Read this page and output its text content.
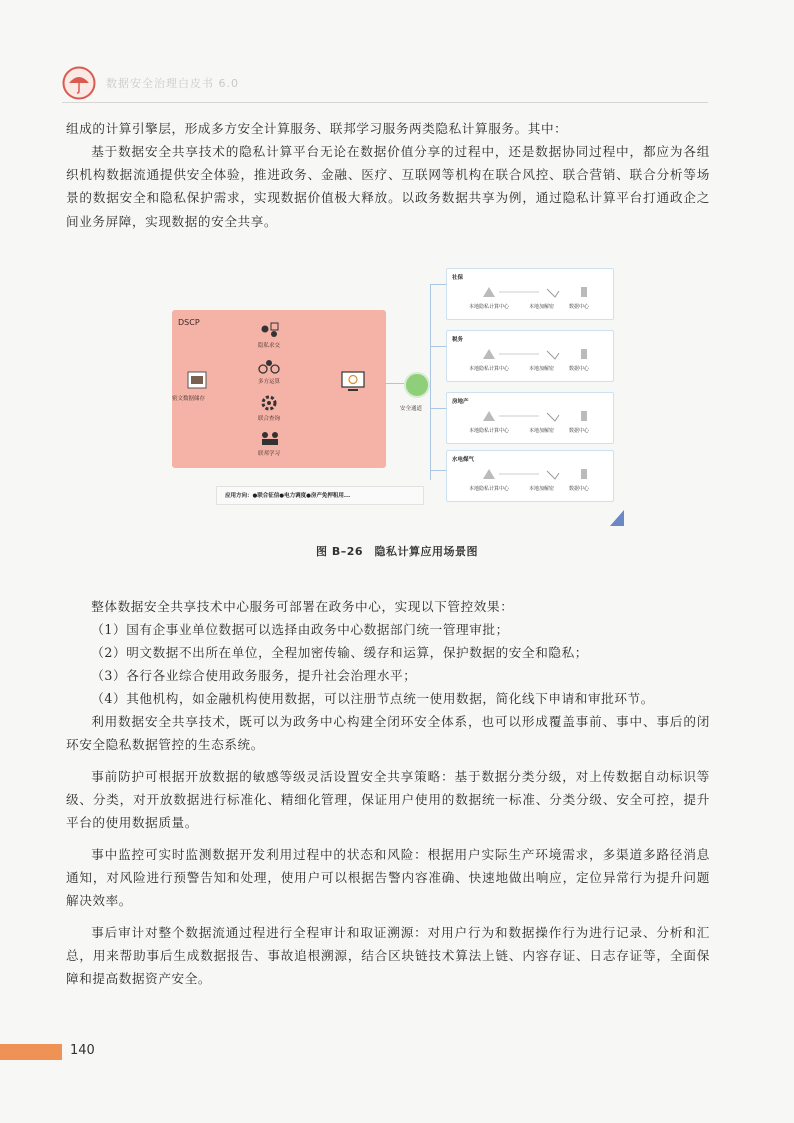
数据安全治理白皮书 6.0

组成的计算引擎层，形成多方安全计算服务、联邦学习服务两类隐私计算服务。其中：

基于数据安全共享技术的隐私计算平台无论在数据价值分享的过程中，还是数据协同过程中，都应为各组织机构数据流通提供安全体验，推进政务、金融、医疗、互联网等机构在联合风控、联合营销、联合分析等场景的数据安全和隐私保护需求，实现数据价值极大释放。以政务数据共享为例，通过隐私计算平台打通政企之间业务屏障，实现数据的安全共享。

DSCP
密文数据储存
隐私求交
多方运算
联合查询
联邦学习
安全通道
社保
本地隐私计算中心	本地加解密	数据中心
税务
本地隐私计算中心	本地加解密	数据中心
房地产
本地隐私计算中心	本地加解密	数据中心
水电煤气
本地隐私计算中心	本地加解密	数据中心
应用方向：●联合征信●电力调度●房产免押租用...
图 B–26　隐私计算应用场景图

整体数据安全共享技术中心服务可部署在政务中心，实现以下管控效果：

（1）国有企事业单位数据可以选择由政务中心数据部门统一管理审批；

（2）明文数据不出所在单位，全程加密传输、缓存和运算，保护数据的安全和隐私；

（3）各行各业综合使用政务服务，提升社会治理水平；

（4）其他机构，如金融机构使用数据，可以注册节点统一使用数据，简化线下申请和审批环节。

利用数据安全共享技术，既可以为政务中心构建全闭环安全体系，也可以形成覆盖事前、事中、事后的闭环安全隐私数据管控的生态系统。

事前防护可根据开放数据的敏感等级灵活设置安全共享策略：基于数据分类分级，对上传数据自动标识等级、分类，对开放数据进行标准化、精细化管理，保证用户使用的数据统一标准、分类分级、安全可控，提升平台的使用数据质量。

事中监控可实时监测数据开发利用过程中的状态和风险：根据用户实际生产环境需求，多渠道多路径消息通知，对风险进行预警告知和处理，使用户可以根据告警内容准确、快速地做出响应，定位异常行为提升问题解决效率。

事后审计对整个数据流通过程进行全程审计和取证溯源：对用户行为和数据操作行为进行记录、分析和汇总，用来帮助事后生成数据报告、事故追根溯源，结合区块链技术算法上链、内容存证、日志存证等，全面保障和提高数据资产安全。

140
